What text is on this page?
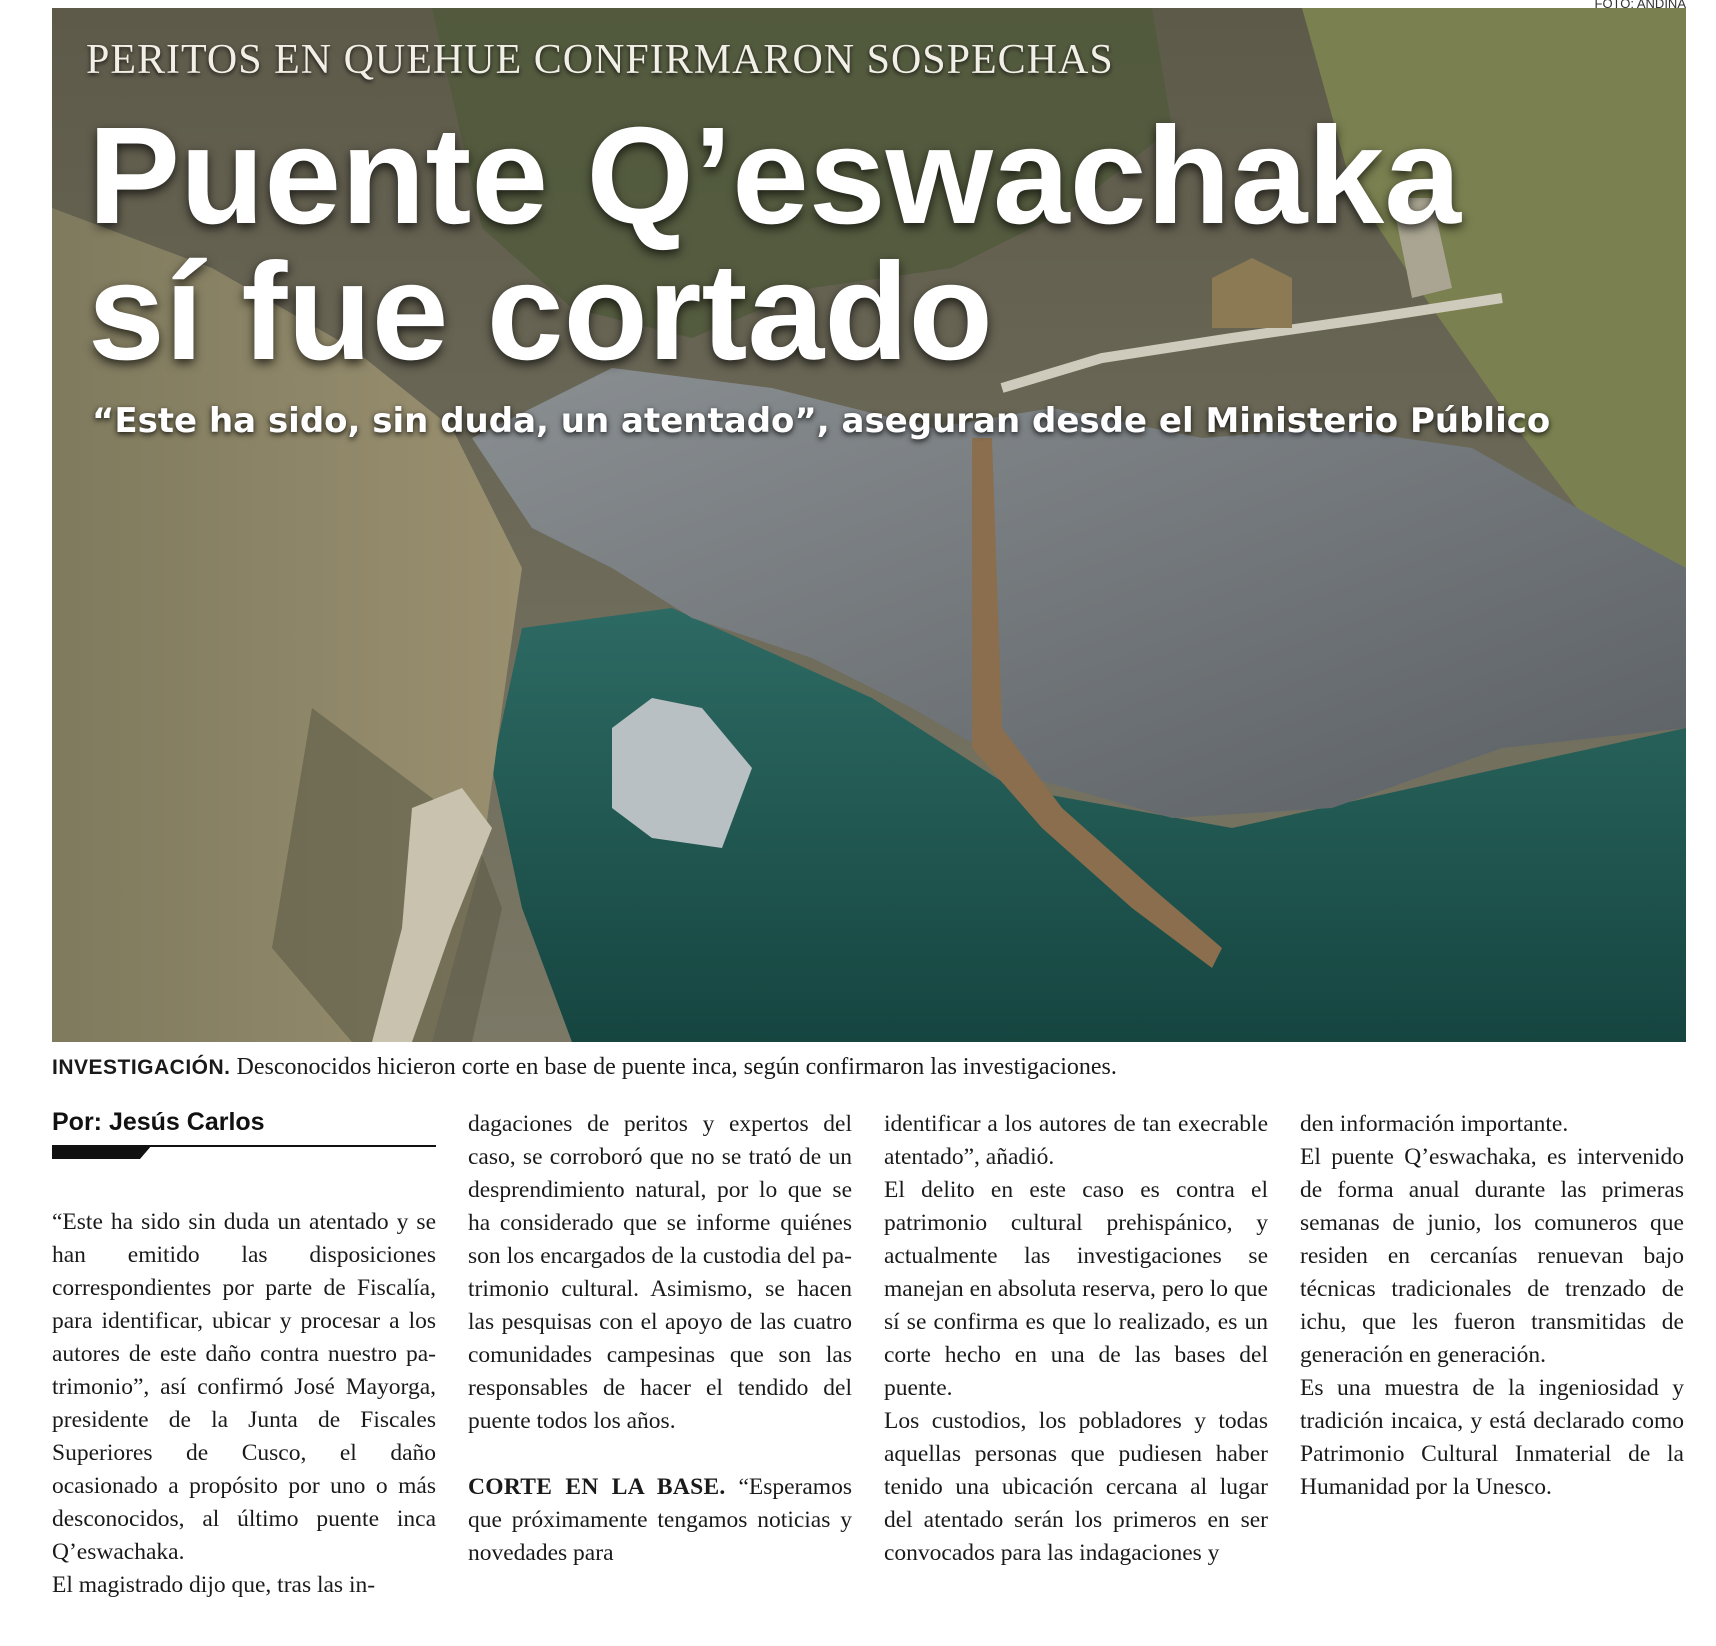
FOTO: ANDINA
PERITOS EN QUEHUE CONFIRMARON SOSPECHAS
Puente Q’eswachaka
sí fue cortado
“Este ha sido, sin duda, un atentado”, aseguran desde el Ministerio Público
INVESTIGACIÓN. Desconocidos hicieron corte en base de puente inca, según confirmaron las investigaciones.
Por: Jesús Carlos

“Este ha sido sin duda un atentado y se han emitido las disposiciones correspondientes por parte de Fiscalía, para identificar, ubicar y procesar a los autores de este daño contra nuestro patrimonio”, así confirmó José Mayorga, presidente de la Junta de Fiscales Superiores de Cusco, el daño ocasionado a propósito por uno o más desconocidos, al último puente inca Q’eswachaka.

El magistrado dijo que, tras las in-

dagaciones de peritos y expertos del caso, se corroboró que no se trató de un desprendimiento natural, por lo que se ha considerado que se informe quiénes son los encargados de la custodia del patrimonio cultural. Asimismo, se hacen las pesquisas con el apoyo de las cuatro comunidades campesinas que son las responsables de hacer el tendido del puente todos los años.

CORTE EN LA BASE. “Esperamos que próximamente tengamos noticias y novedades para

identificar a los autores de tan execrable atentado”, añadió.

El delito en este caso es contra el patrimonio cultural prehispánico, y actualmente las investigaciones se manejan en absoluta reserva, pero lo que sí se confirma es que lo realizado, es un corte hecho en una de las bases del puente.

Los custodios, los pobladores y todas aquellas personas que pudiesen haber tenido una ubicación cercana al lugar del atentado serán los primeros en ser convocados para las indagaciones y

den información importante.

El puente Q’eswachaka, es intervenido de forma anual durante las primeras semanas de junio, los comuneros que residen en cercanías renuevan bajo técnicas tradicionales de trenzado de ichu, que les fueron transmitidas de generación en generación.

Es una muestra de la ingeniosidad y tradición incaica, y está declarado como Patrimonio Cultural Inmaterial de la Humanidad por la Unesco.
